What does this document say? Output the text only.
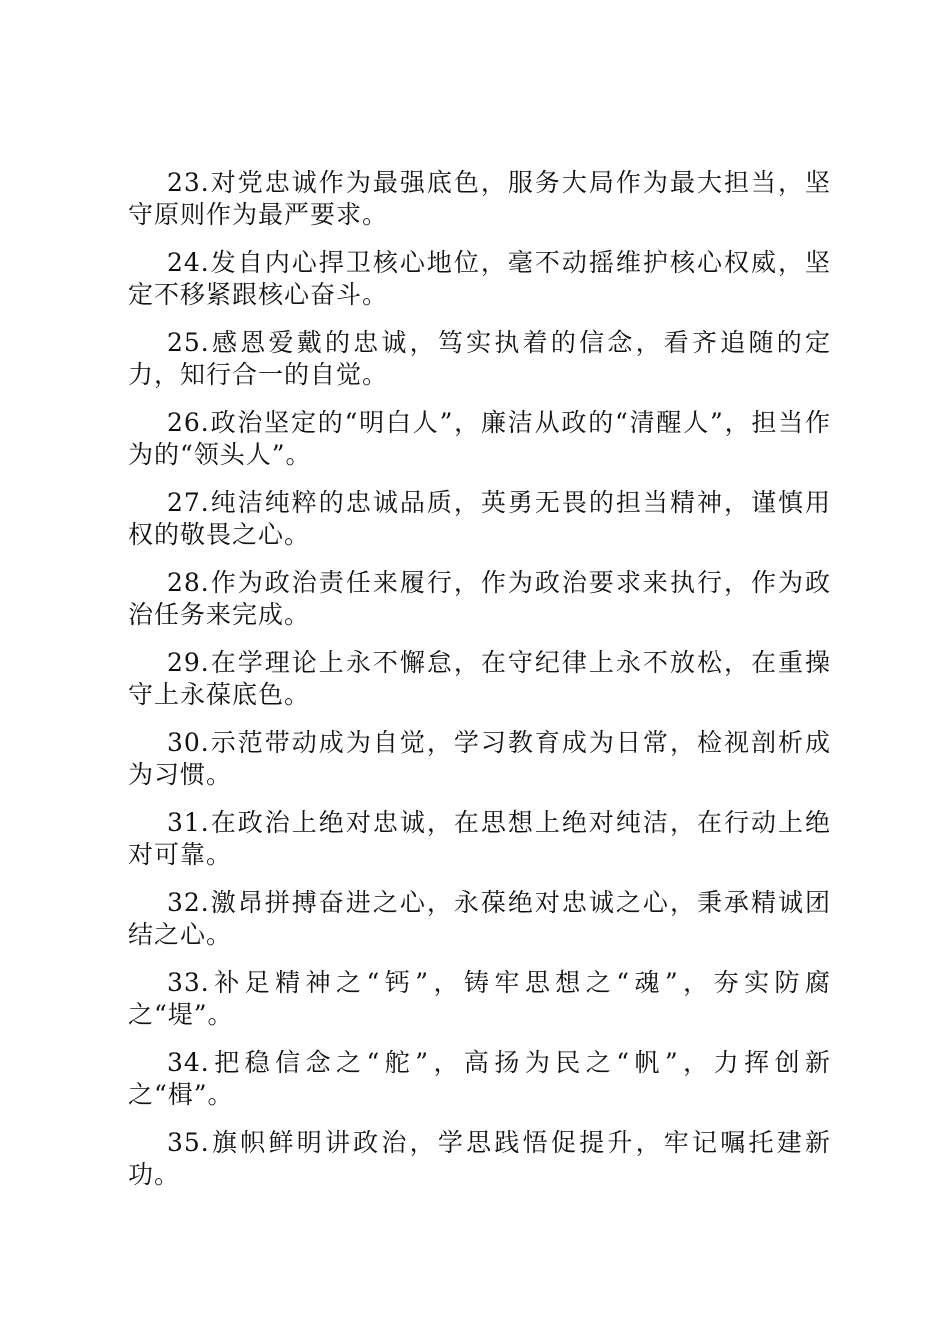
23.对党忠诚作为最强底色，服务大局作为最大担当，坚守原则作为最严要求。

24.发自内心捍卫核心地位，毫不动摇维护核心权威，坚定不移紧跟核心奋斗。

25.感恩爱戴的忠诚，笃实执着的信念，看齐追随的定力，知行合一的自觉。

26.政治坚定的“明白人”，廉洁从政的“清醒人”，担当作为的“领头人”。

27.纯洁纯粹的忠诚品质，英勇无畏的担当精神，谨慎用权的敬畏之心。

28.作为政治责任来履行，作为政治要求来执行，作为政治任务来完成。

29.在学理论上永不懈怠，在守纪律上永不放松，在重操守上永葆底色。

30.示范带动成为自觉，学习教育成为日常，检视剖析成为习惯。

31.在政治上绝对忠诚，在思想上绝对纯洁，在行动上绝对可靠。

32.激昂拼搏奋进之心，永葆绝对忠诚之心，秉承精诚团结之心。

33.补足精神之“钙”，铸牢思想之“魂”，夯实防腐之“堤”。

34.把稳信念之“舵”，高扬为民之“帆”，力挥创新之“楫”。

35.旗帜鲜明讲政治，学思践悟促提升，牢记嘱托建新功。
